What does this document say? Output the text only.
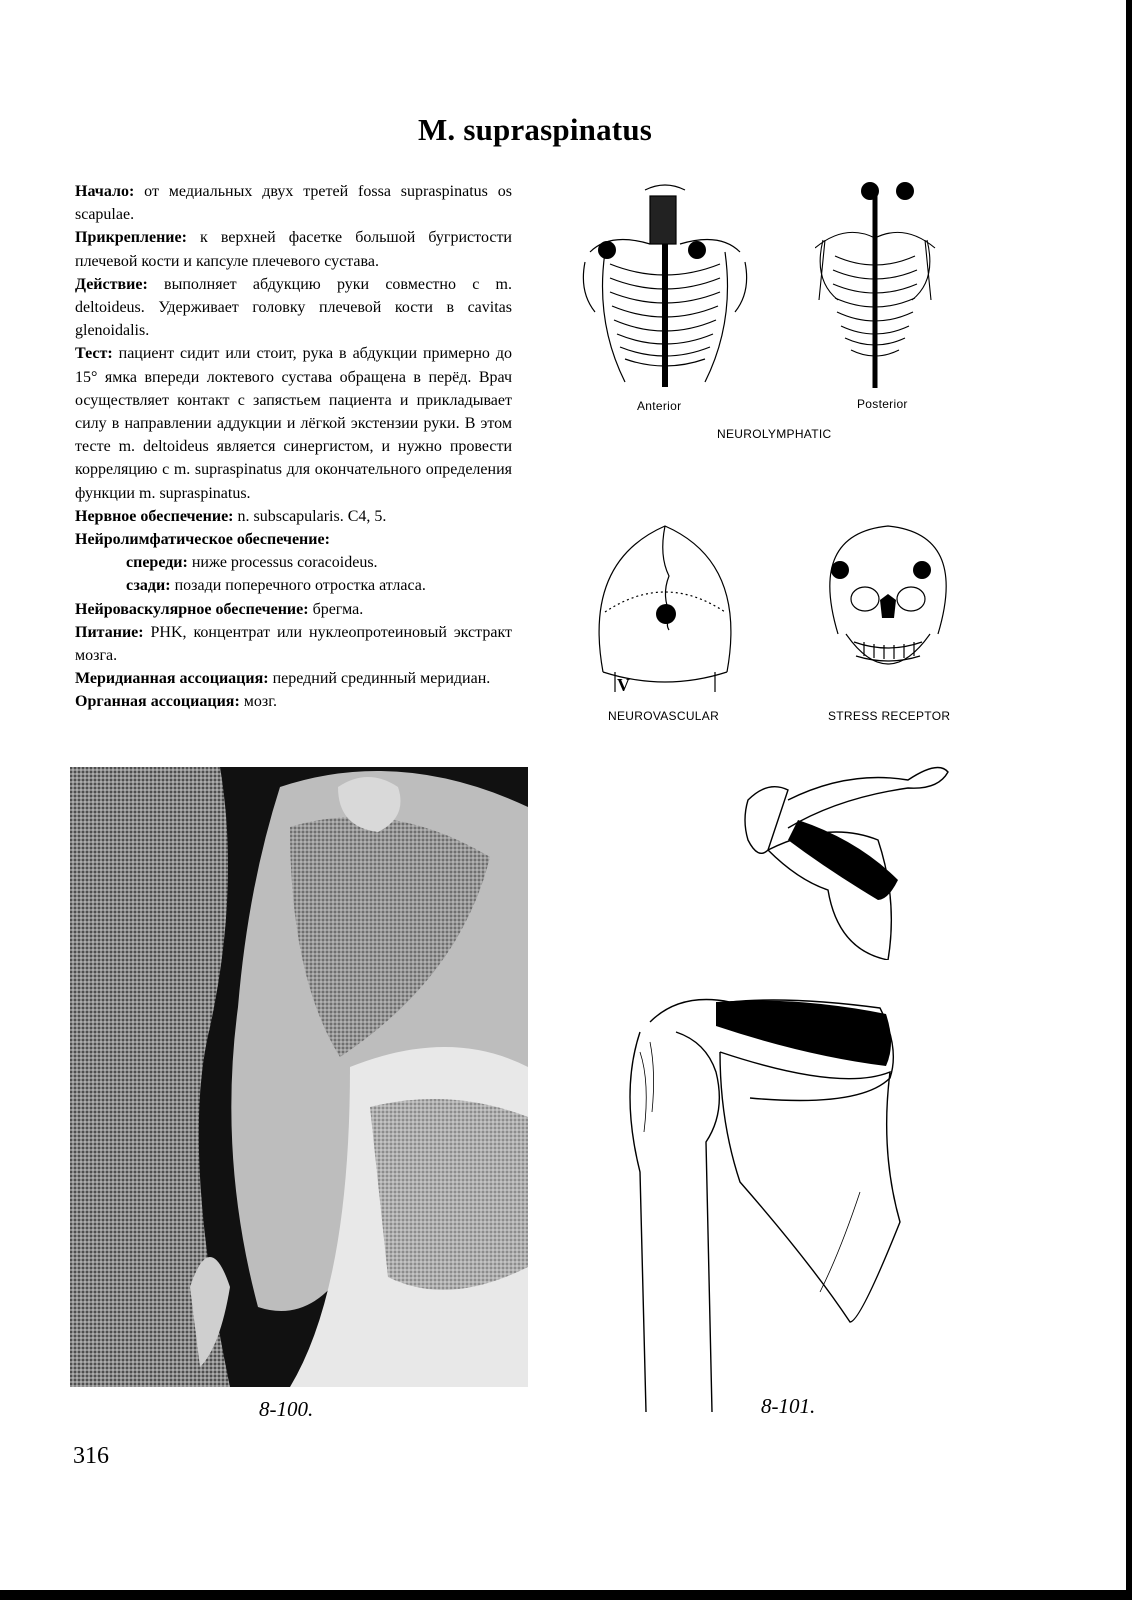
M. supraspinatus

Начало: от медиальных двух третей fossa supraspinatus os scapulae.

Прикрепление: к верхней фасетке большой бугристости плечевой кости и капсуле плечевого сустава.

Действие: выполняет абдукцию руки совместно с m. deltoideus. Удерживает головку плечевой кости в cavitas glenoidalis.

Тест: пациент сидит или стоит, рука в абдукции примерно до 15° ямка впереди локтевого сустава обращена в перёд. Врач осуществляет контакт с запястьем пациента и прикладывает силу в направлении аддукции и лёгкой экстензии руки. В этом тесте m. deltoideus является синергистом, и нужно провести корреляцию с m. supraspinatus для окончательного определения функции m. supraspinatus.

Нервное обеспечение: n. subscapularis. C4, 5.

Нейролимфатическое обеспечение:

спереди: ниже processus coracoideus.

сзади: позади поперечного отростка атласа.

Нейроваскулярное обеспечение: брегма.

Питание: PHK, концентрат или нуклеопротеиновый экстракт мозга.

Меридианная ассоциация: передний срединный меридиан.

Органная ассоциация: мозг.

Anterior	Posterior
NEUROLYMPHATIC
V
NEUROVASCULAR	STRESS RECEPTOR
8-100.	8-101.
316
